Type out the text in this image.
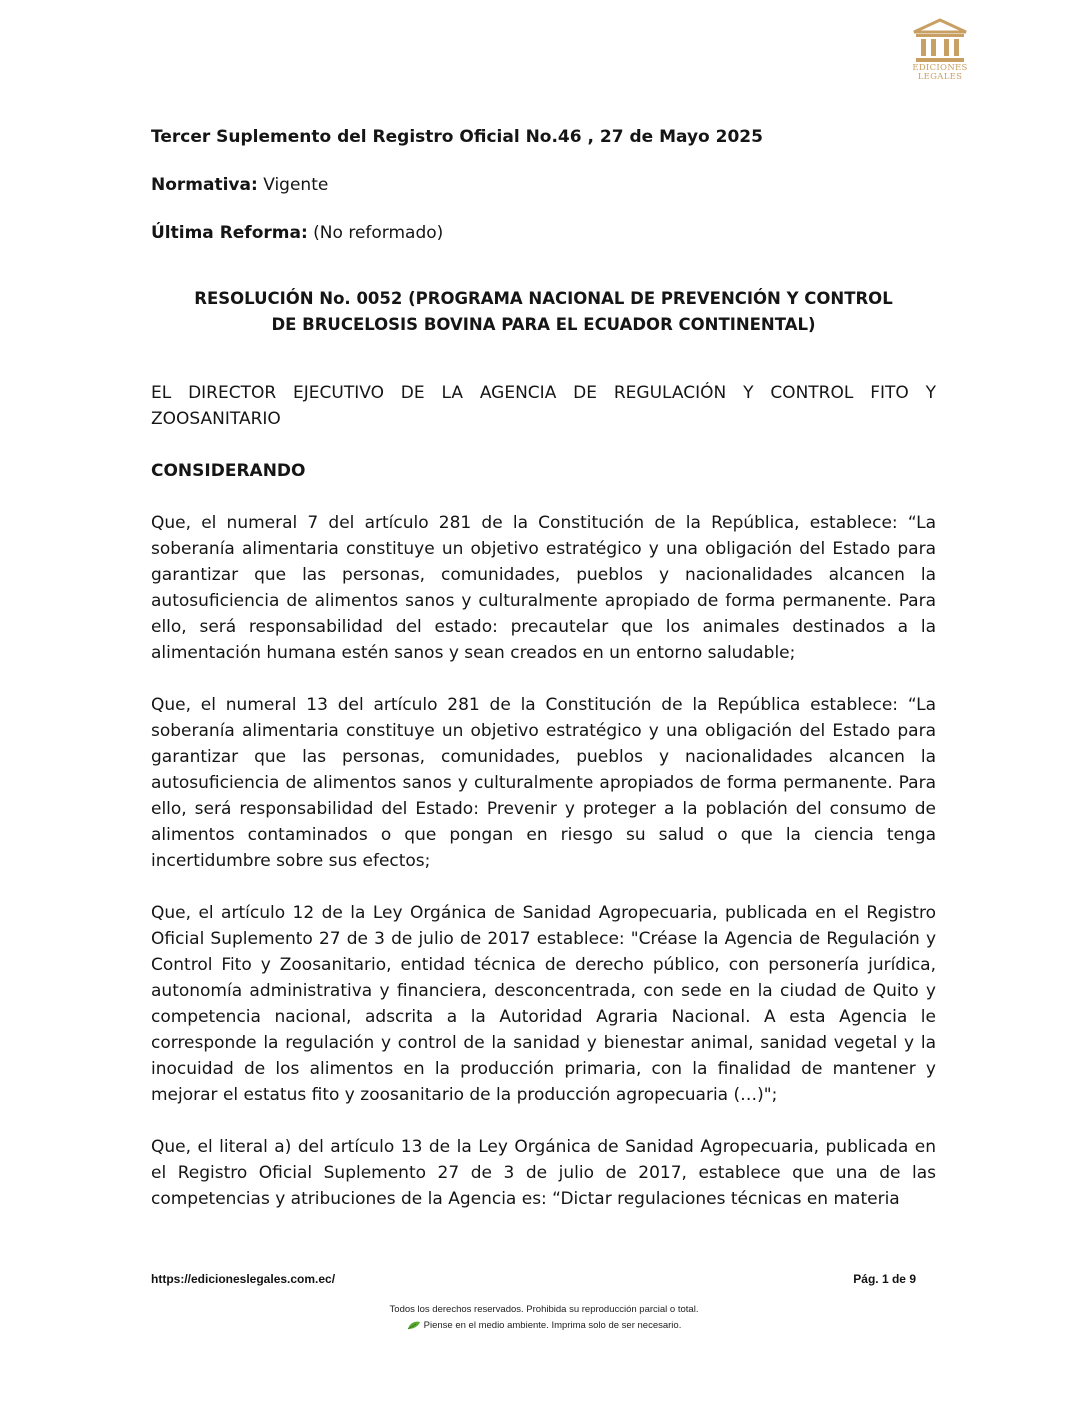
EDICIONES
LEGALES

Tercer Suplemento del Registro Oficial No.46 , 27 de Mayo 2025

Normativa: Vigente

Última Reforma: (No reformado)

RESOLUCIÓN No. 0052 (PROGRAMA NACIONAL DE PREVENCIÓN Y CONTROL DE BRUCELOSIS BOVINA PARA EL ECUADOR CONTINENTAL)

EL DIRECTOR EJECUTIVO DE LA AGENCIA DE REGULACIÓN Y CONTROL FITO Y ZOOSANITARIO

CONSIDERANDO

Que, el numeral 7 del artículo 281 de la Constitución de la República, establece: “La soberanía alimentaria constituye un objetivo estratégico y una obligación del Estado para garantizar que las personas, comunidades, pueblos y nacionalidades alcancen la autosuficiencia de alimentos sanos y culturalmente apropiado de forma permanente. Para ello, será responsabilidad del estado: precautelar que los animales destinados a la alimentación humana estén sanos y sean creados en un entorno saludable;

Que, el numeral 13 del artículo 281 de la Constitución de la República establece: “La soberanía alimentaria constituye un objetivo estratégico y una obligación del Estado para garantizar que las personas, comunidades, pueblos y nacionalidades alcancen la autosuficiencia de alimentos sanos y culturalmente apropiados de forma permanente. Para ello, será responsabilidad del Estado: Prevenir y proteger a la población del consumo de alimentos contaminados o que pongan en riesgo su salud o que la ciencia tenga incertidumbre sobre sus efectos;

Que, el artículo 12 de la Ley Orgánica de Sanidad Agropecuaria, publicada en el Registro Oficial Suplemento 27 de 3 de julio de 2017 establece: "Créase la Agencia de Regulación y Control Fito y Zoosanitario, entidad técnica de derecho público, con personería jurídica, autonomía administrativa y financiera, desconcentrada, con sede en la ciudad de Quito y competencia nacional, adscrita a la Autoridad Agraria Nacional. A esta Agencia le corresponde la regulación y control de la sanidad y bienestar animal, sanidad vegetal y la inocuidad de los alimentos en la producción primaria, con la finalidad de mantener y mejorar el estatus fito y zoosanitario de la producción agropecuaria (…)";

Que, el literal a) del artículo 13 de la Ley Orgánica de Sanidad Agropecuaria, publicada en el Registro Oficial Suplemento 27 de 3 de julio de 2017, establece que una de las competencias y atribuciones de la Agencia es: “Dictar regulaciones técnicas en materia

https://edicioneslegales.com.ec/	Pág. 1 de 9
Todos los derechos reservados. Prohibida su reproducción parcial o total.
Piense en el medio ambiente. Imprima solo de ser necesario.
